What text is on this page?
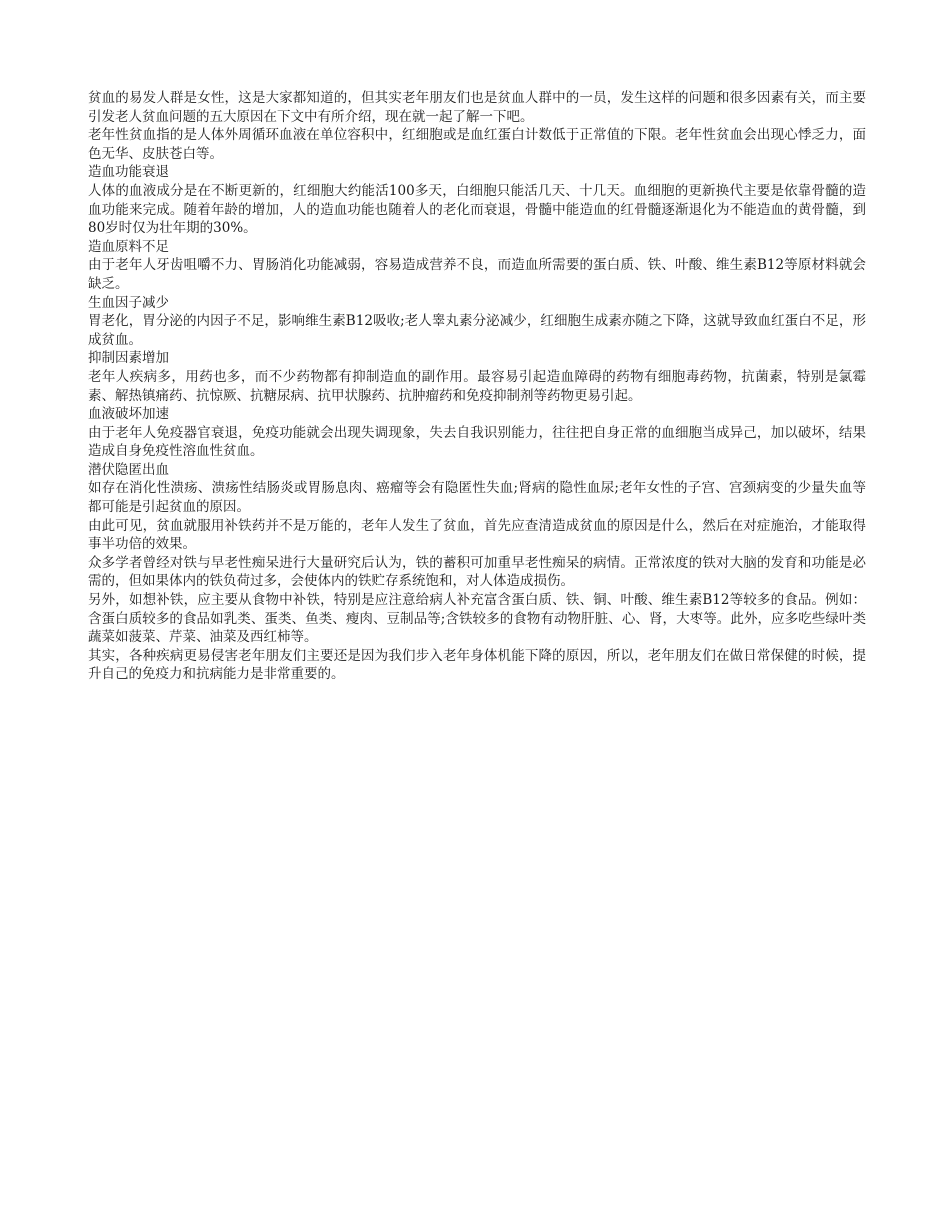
贫血的易发人群是女性，这是大家都知道的，但其实老年朋友们也是贫血人群中的一员，发生这样的问题和很多因素有关，而主要引发老人贫血问题的五大原因在下文中有所介绍，现在就一起了解一下吧。

老年性贫血指的是人体外周循环血液在单位容积中，红细胞或是血红蛋白计数低于正常值的下限。老年性贫血会出现心悸乏力，面色无华、皮肤苍白等。

造血功能衰退

人体的血液成分是在不断更新的，红细胞大约能活100多天，白细胞只能活几天、十几天。血细胞的更新换代主要是依靠骨髓的造血功能来完成。随着年龄的增加，人的造血功能也随着人的老化而衰退，骨髓中能造血的红骨髓逐渐退化为不能造血的黄骨髓，到80岁时仅为壮年期的30%。

造血原料不足

由于老年人牙齿咀嚼不力、胃肠消化功能减弱，容易造成营养不良，而造血所需要的蛋白质、铁、叶酸、维生素B12等原材料就会缺乏。

生血因子减少

胃老化，胃分泌的内因子不足，影响维生素B12吸收;老人睾丸素分泌减少，红细胞生成素亦随之下降，这就导致血红蛋白不足，形成贫血。

抑制因素增加

老年人疾病多，用药也多，而不少药物都有抑制造血的副作用。最容易引起造血障碍的药物有细胞毒药物，抗菌素，特别是氯霉素、解热镇痛药、抗惊厥、抗糖尿病、抗甲状腺药、抗肿瘤药和免疫抑制剂等药物更易引起。

血液破坏加速

由于老年人免疫器官衰退，免疫功能就会出现失调现象，失去自我识别能力，往往把自身正常的血细胞当成异己，加以破坏，结果造成自身免疫性溶血性贫血。

潜伏隐匿出血

如存在消化性溃疡、溃疡性结肠炎或胃肠息肉、癌瘤等会有隐匿性失血;肾病的隐性血尿;老年女性的子宫、宫颈病变的少量失血等都可能是引起贫血的原因。

由此可见，贫血就服用补铁药并不是万能的，老年人发生了贫血，首先应查清造成贫血的原因是什么，然后在对症施治，才能取得事半功倍的效果。

众多学者曾经对铁与早老性痴呆进行大量研究后认为，铁的蓄积可加重早老性痴呆的病情。正常浓度的铁对大脑的发育和功能是必需的，但如果体内的铁负荷过多，会使体内的铁贮存系统饱和，对人体造成损伤。

另外，如想补铁，应主要从食物中补铁，特别是应注意给病人补充富含蛋白质、铁、铜、叶酸、维生素B12等较多的食品。例如：含蛋白质较多的食品如乳类、蛋类、鱼类、瘦肉、豆制品等;含铁较多的食物有动物肝脏、心、肾，大枣等。此外，应多吃些绿叶类蔬菜如菠菜、芹菜、油菜及西红柿等。

其实，各种疾病更易侵害老年朋友们主要还是因为我们步入老年身体机能下降的原因，所以，老年朋友们在做日常保健的时候，提升自己的免疫力和抗病能力是非常重要的。
